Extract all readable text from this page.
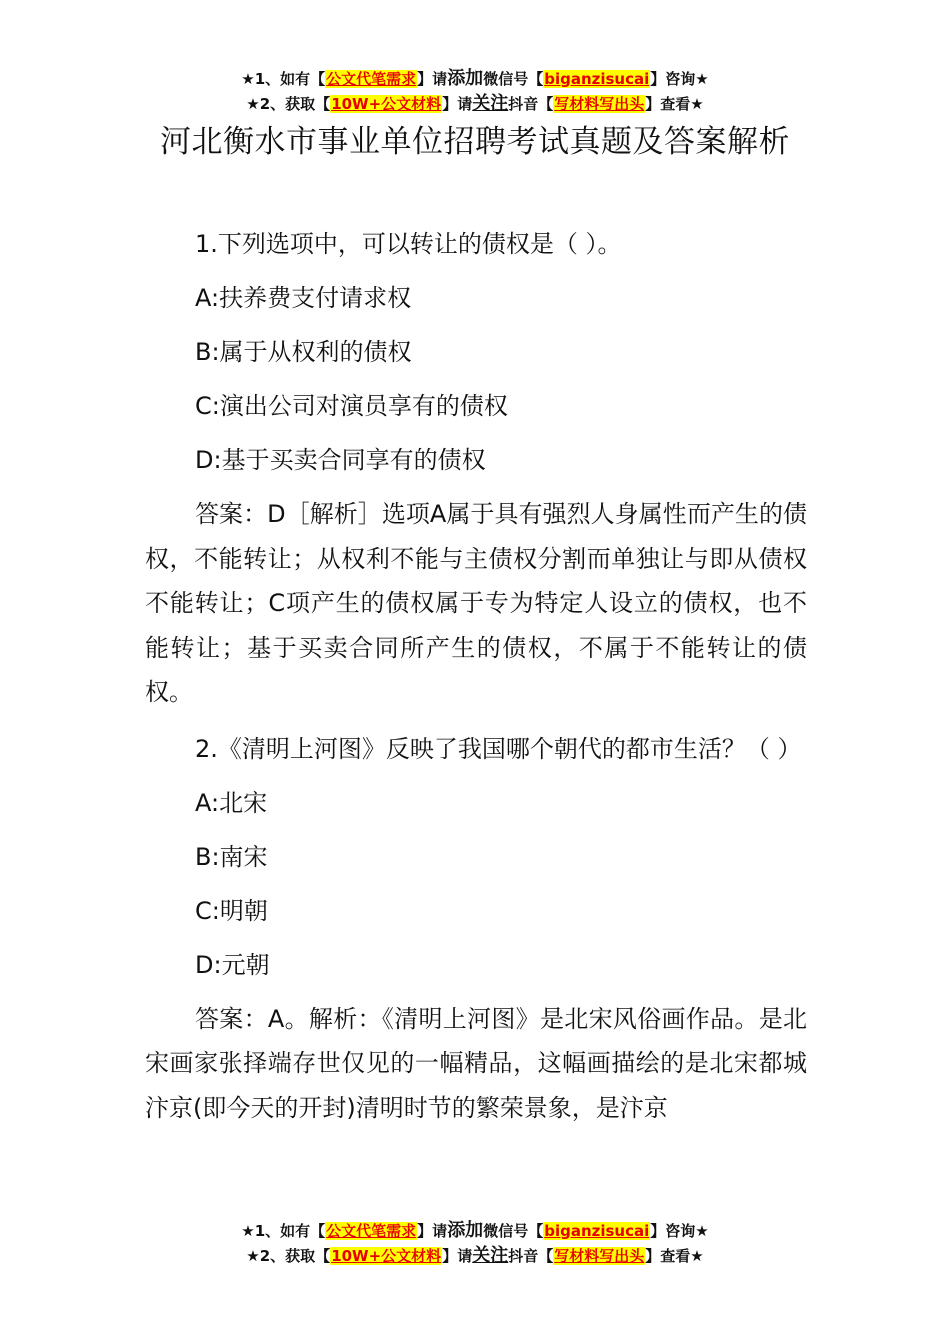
★1、如有【公文代笔需求】请添加微信号【biganzisucai】咨询★
★2、获取【10W+公文材料】请关注抖音【写材料写出头】查看★
河北衡水市事业单位招聘考试真题及答案解析

1.下列选项中，可以转让的债权是（ ）。

A:扶养费支付请求权

B:属于从权利的债权

C:演出公司对演员享有的债权

D:基于买卖合同享有的债权

答案：D［解析］选项A属于具有强烈人身属性而产生的债权，不能转让；从权利不能与主债权分割而单独让与即从债权不能转让；C项产生的债权属于专为特定人设立的债权，也不能转让；基于买卖合同所产生的债权，不属于不能转让的债权。

2.《清明上河图》反映了我国哪个朝代的都市生活？（ ）

A:北宋

B:南宋

C:明朝

D:元朝

答案：A。解析：《清明上河图》是北宋风俗画作品。是北宋画家张择端存世仅见的一幅精品，这幅画描绘的是北宋都城汴京(即今天的开封)清明时节的繁荣景象，是汴京

★1、如有【公文代笔需求】请添加微信号【biganzisucai】咨询★
★2、获取【10W+公文材料】请关注抖音【写材料写出头】查看★
